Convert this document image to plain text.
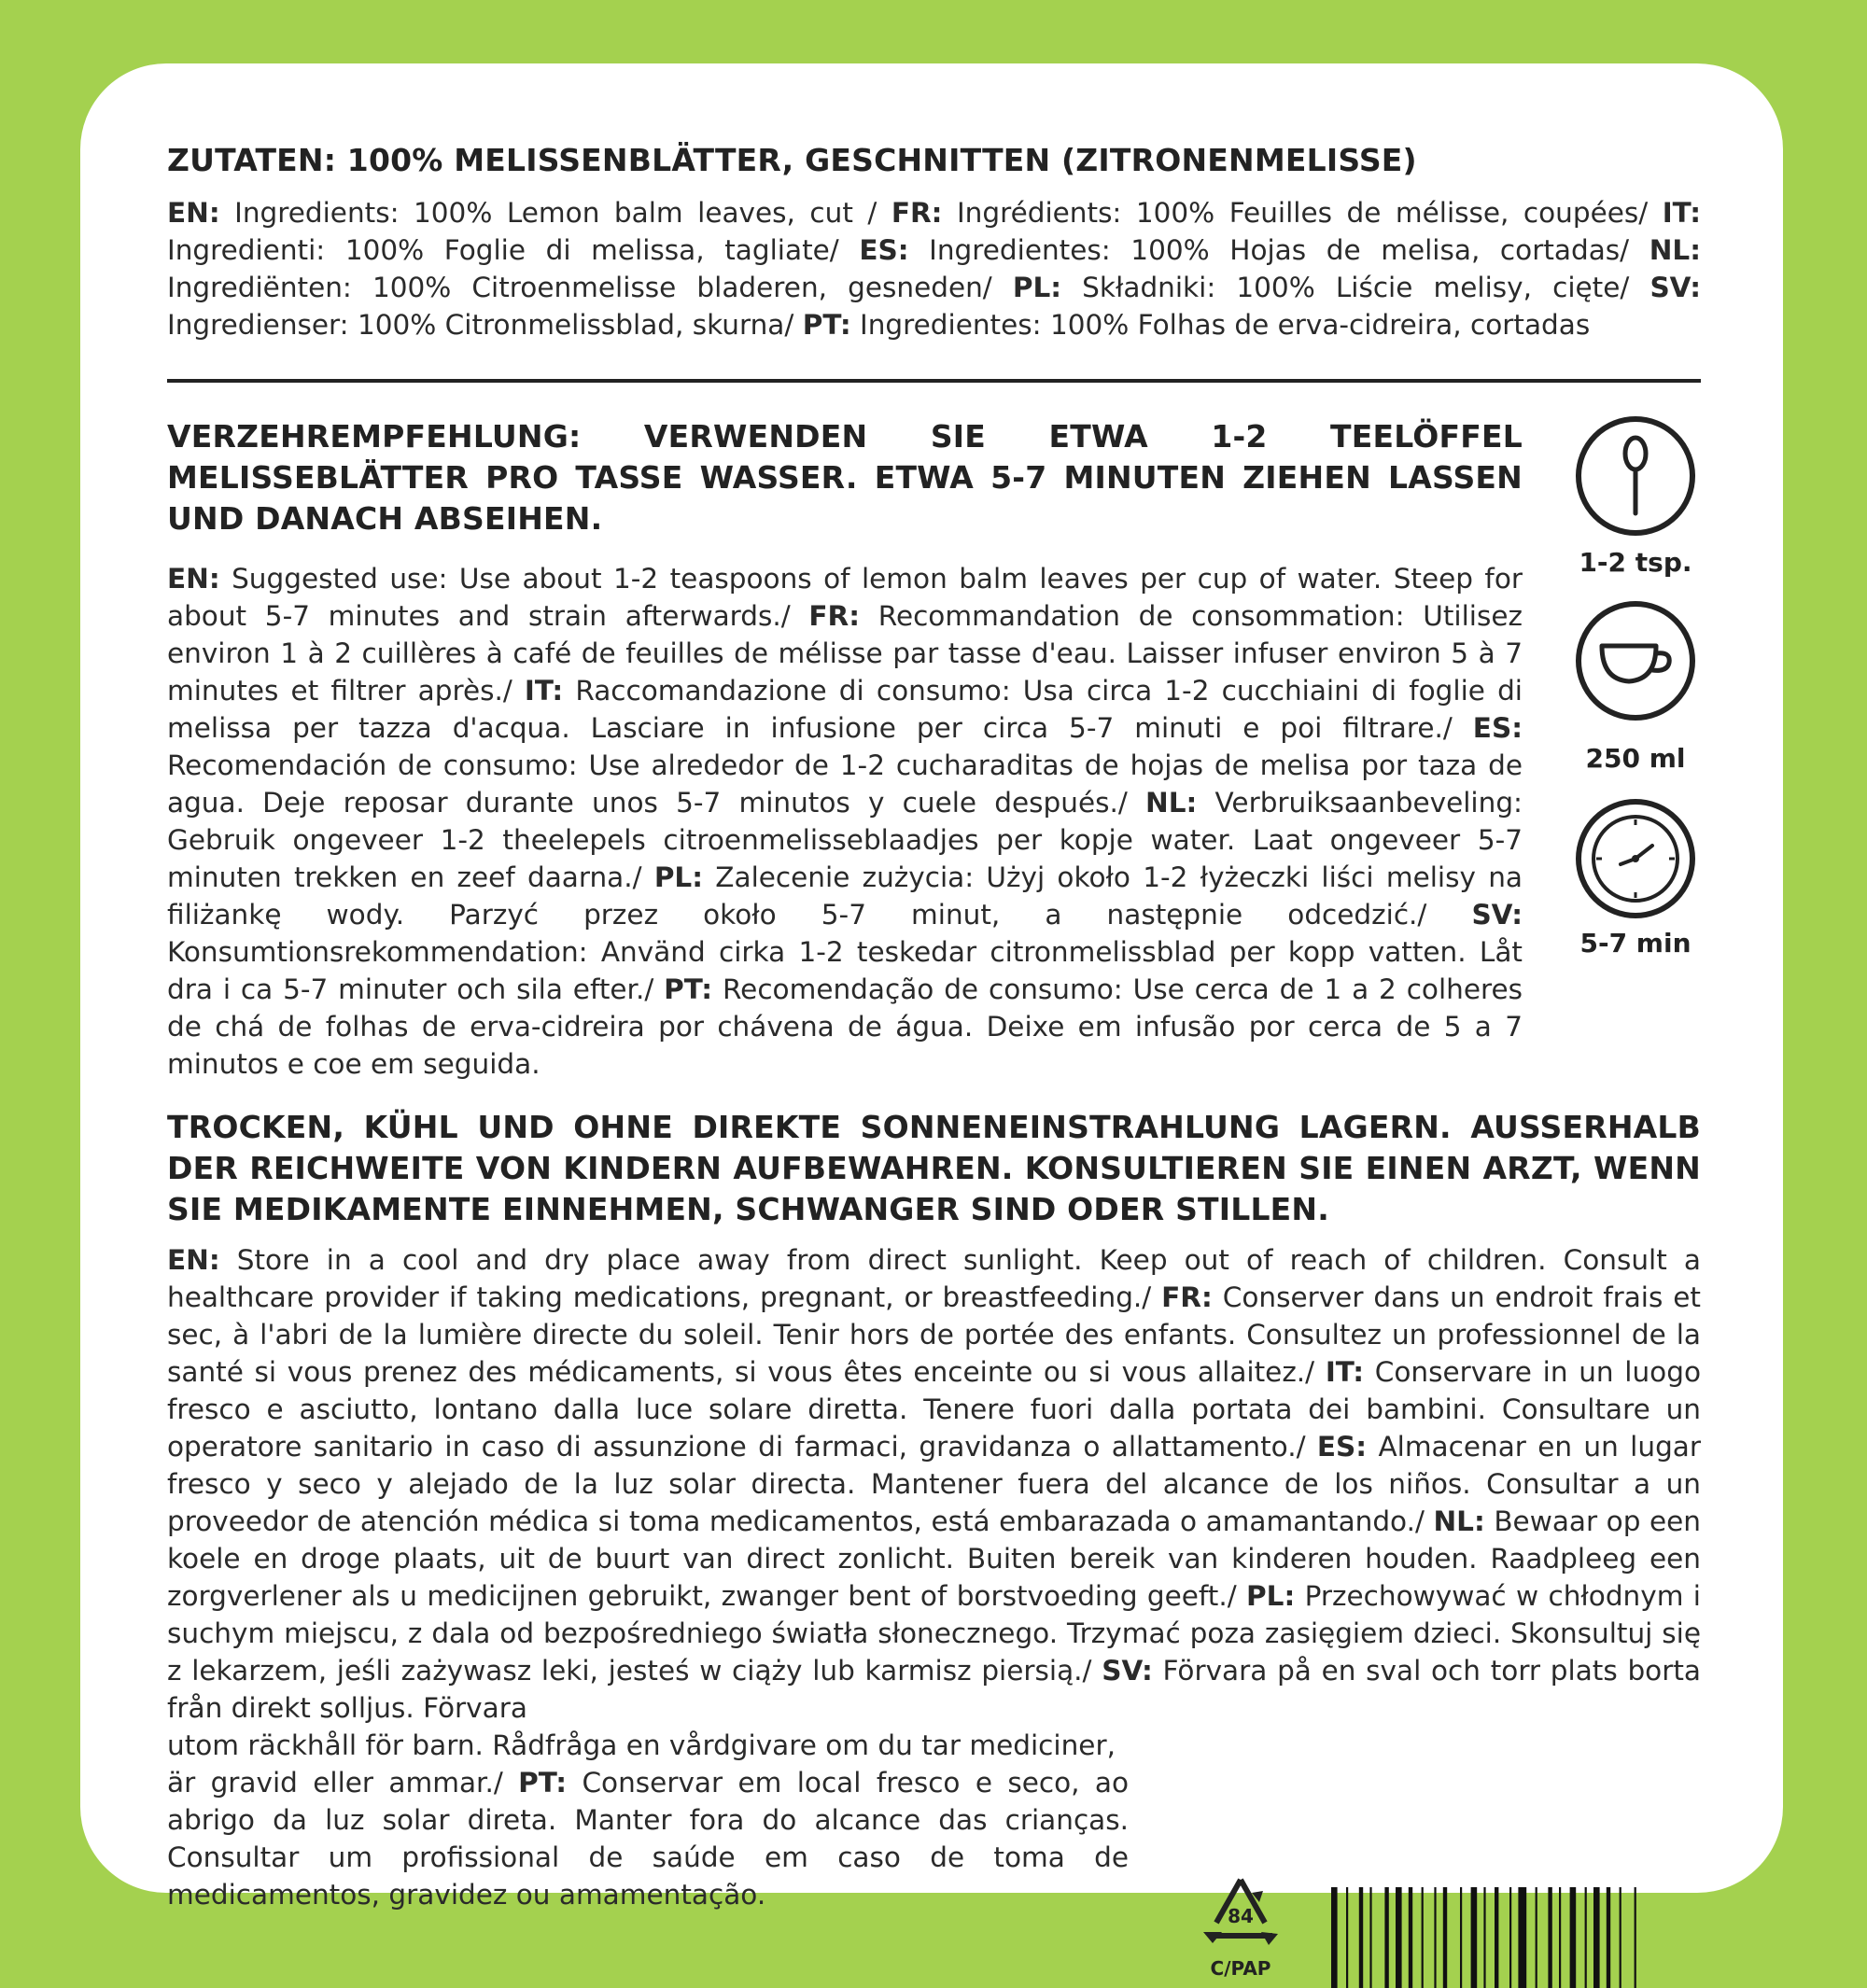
ZUTATEN: 100% MELISSENBLÄTTER, GESCHNITTEN (ZITRONENMELISSE)

EN: Ingredients: 100% Lemon balm leaves, cut / FR: Ingrédients: 100% Feuilles de mélisse, coupées/ IT: Ingredienti: 100% Foglie di melissa, tagliate/ ES: Ingredientes: 100% Hojas de melisa, cortadas/ NL: Ingrediënten: 100% Citroenmelisse bladeren, gesneden/ PL: Składniki: 100% Liście melisy, cięte/ SV: Ingredienser: 100% Citronmelissblad, skurna/ PT: Ingredientes: 100% Folhas de erva-cidreira, cortadas

VERZEHREMPFEHLUNG: VERWENDEN SIE ETWA 1-2 TEELÖFFEL MELISSEBLÄTTER PRO TASSE WASSER. ETWA 5-7 MINUTEN ZIEHEN LASSEN UND DANACH ABSEIHEN.

EN: Suggested use: Use about 1-2 teaspoons of lemon balm leaves per cup of water. Steep for about 5-7 minutes and strain afterwards./ FR: Recommandation de consommation: Utilisez environ 1 à 2 cuillères à café de feuilles de mélisse par tasse d'eau. Laisser infuser environ 5 à 7 minutes et filtrer après./ IT: Raccomandazione di consumo: Usa circa 1-2 cucchiaini di foglie di melissa per tazza d'acqua. Lasciare in infusione per circa 5-7 minuti e poi filtrare./ ES: Recomendación de consumo: Use alrededor de 1-2 cucharaditas de hojas de melisa por taza de agua. Deje reposar durante unos 5-7 minutos y cuele después./ NL: Verbruiksaanbeveling: Gebruik ongeveer 1-2 theelepels citroenmelisseblaadjes per kopje water. Laat ongeveer 5-7 minuten trekken en zeef daarna./ PL: Zalecenie zużycia: Użyj około 1-2 łyżeczki liści melisy na filiżankę wody. Parzyć przez około 5-7 minut, a następnie odcedzić./ SV: Konsumtionsrekommendation: Använd cirka 1-2 teskedar citronmelissblad per kopp vatten. Låt dra i ca 5-7 minuter och sila efter./ PT: Recomendação de consumo: Use cerca de 1 a 2 colheres de chá de folhas de erva-cidreira por chávena de água. Deixe em infusão por cerca de 5 a 7 minutos e coe em seguida.

1-2 tsp.
250 ml
5-7 min
TROCKEN, KÜHL UND OHNE DIREKTE SONNENEINSTRAHLUNG LAGERN. AUSSERHALB DER REICHWEITE VON KINDERN AUFBEWAHREN. KONSULTIEREN SIE EINEN ARZT, WENN SIE MEDIKAMENTE EINNEHMEN, SCHWANGER SIND ODER STILLEN.

EN: Store in a cool and dry place away from direct sunlight. Keep out of reach of children. Consult a healthcare provider if taking medications, pregnant, or breastfeeding./ FR: Conserver dans un endroit frais et sec, à l'abri de la lumière directe du soleil. Tenir hors de portée des enfants. Consultez un professionnel de la santé si vous prenez des médicaments, si vous êtes enceinte ou si vous allaitez./ IT: Conservare in un luogo fresco e asciutto, lontano dalla luce solare diretta. Tenere fuori dalla portata dei bambini. Consultare un operatore sanitario in caso di assunzione di farmaci, gravidanza o allattamento./ ES: Almacenar en un lugar fresco y seco y alejado de la luz solar directa. Mantener fuera del alcance de los niños. Consultar a un proveedor de atención médica si toma medicamentos, está embarazada o amamantando./ NL: Bewaar op een koele en droge plaats, uit de buurt van direct zonlicht. Buiten bereik van kinderen houden. Raadpleeg een zorgverlener als u medicijnen gebruikt, zwanger bent of borstvoeding geeft./ PL: Przechowywać w chłodnym i suchym miejscu, z dala od bezpośredniego światła słonecznego. Trzymać poza zasięgiem dzieci. Skonsultuj się z lekarzem, jeśli zażywasz leki, jesteś w ciąży lub karmisz piersią./ SV: Förvara på en sval och torr plats borta från direkt solljus. Förvara

utom räckhåll för barn. Rådfråga en vårdgivare om du tar mediciner,

är gravid eller ammar./ PT: Conservar em local fresco e seco, ao abrigo da luz solar direta. Manter fora do alcance das crianças. Consultar um profissional de saúde em caso de toma de medicamentos, gravidez ou amamentação.

84
C/PAP
